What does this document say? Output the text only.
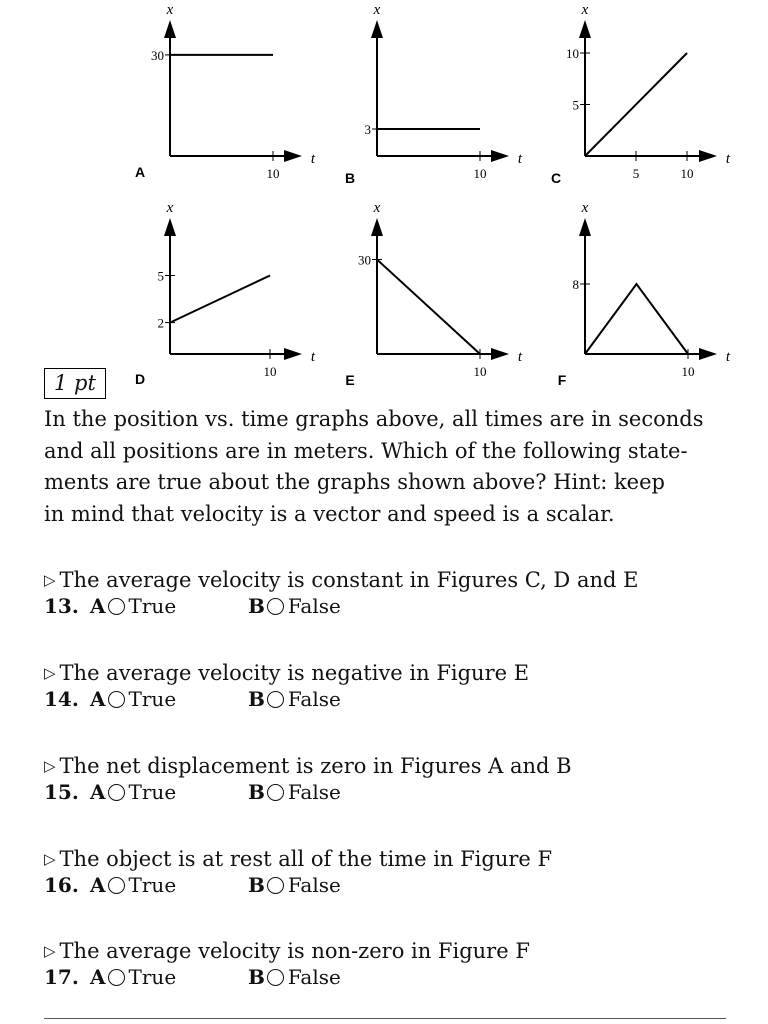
x
t
10
30
A
x
t
10
3
B
x
t
5	10
5
10
C
x
t
10
2
5
D
x
t
10
30
E
x
t
10
8
F
1 pt
In the position vs. time graphs above, all times are in seconds
and all positions are in meters. Which of the following state-
ments are true about the graphs shown above? Hint: keep
in mind that velocity is a vector and speed is a scalar.
▷ The average velocity is constant in Figures C, D and E
13. A True	B False
▷ The average velocity is negative in Figure E
14. A True	B False
▷ The net displacement is zero in Figures A and B
15. A True	B False
▷ The object is at rest all of the time in Figure F
16. A True	B False
▷ The average velocity is non-zero in Figure F
17. A True	B False
